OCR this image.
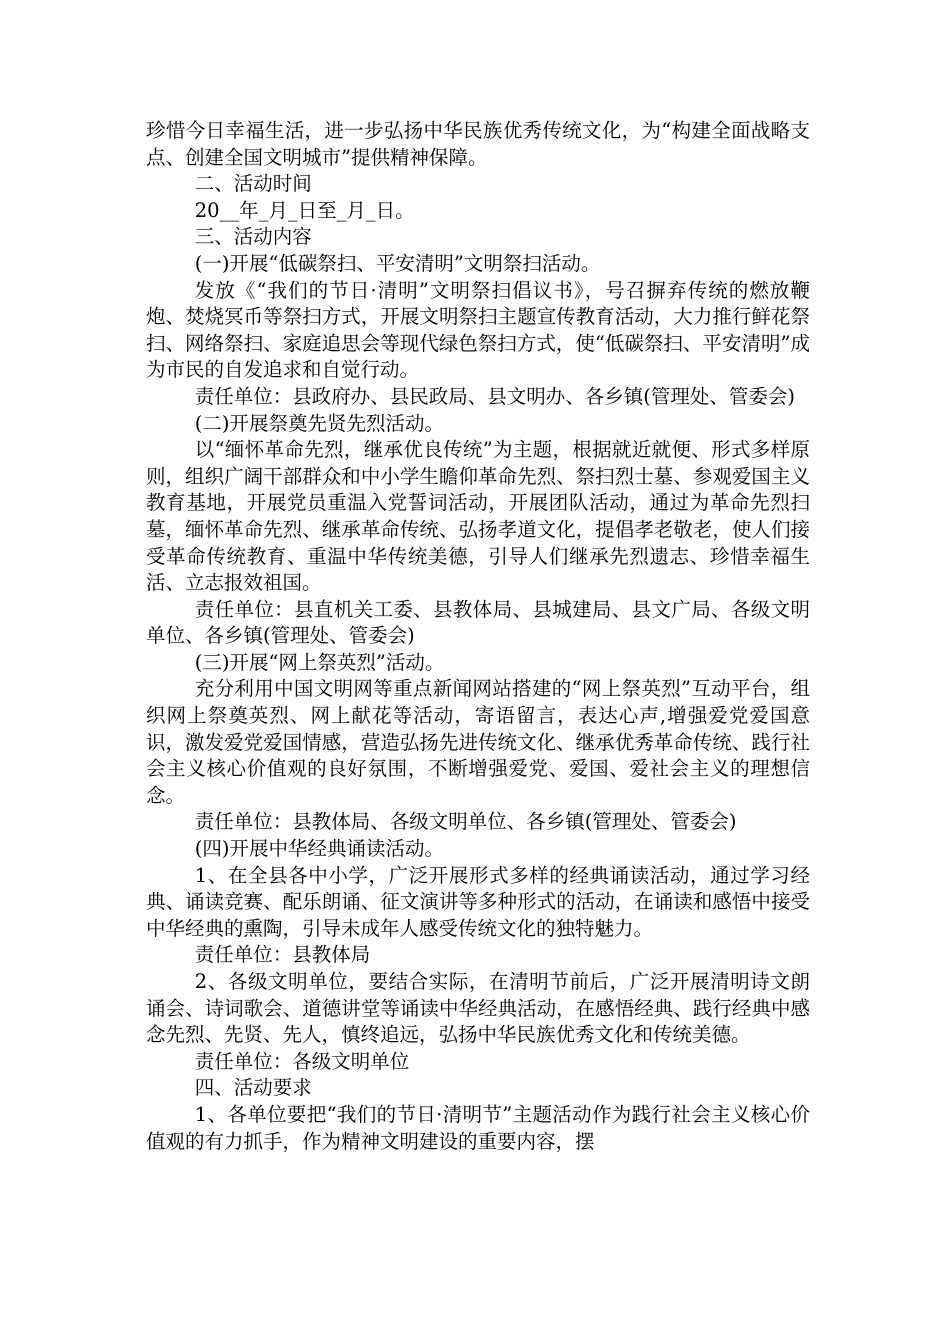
珍惜今日幸福生活，进一步弘扬中华民族优秀传统文化，为“构建全面战略支点、创建全国文明城市”提供精神保障。

二、活动时间

20__年_月_日至_月_日。

三、活动内容

(一)开展“低碳祭扫、平安清明”文明祭扫活动。

发放《“我们的节日·清明”文明祭扫倡议书》，号召摒弃传统的燃放鞭炮、焚烧冥币等祭扫方式，开展文明祭扫主题宣传教育活动，大力推行鲜花祭扫、网络祭扫、家庭追思会等现代绿色祭扫方式，使“低碳祭扫、平安清明”成为市民的自发追求和自觉行动。

责任单位：县政府办、县民政局、县文明办、各乡镇(管理处、管委会)

(二)开展祭奠先贤先烈活动。

以“缅怀革命先烈，继承优良传统”为主题，根据就近就便、形式多样原则，组织广阔干部群众和中小学生瞻仰革命先烈、祭扫烈士墓、参观爱国主义教育基地，开展党员重温入党誓词活动，开展团队活动，通过为革命先烈扫墓，缅怀革命先烈、继承革命传统、弘扬孝道文化，提倡孝老敬老，使人们接受革命传统教育、重温中华传统美德，引导人们继承先烈遗志、珍惜幸福生活、立志报效祖国。

责任单位：县直机关工委、县教体局、县城建局、县文广局、各级文明单位、各乡镇(管理处、管委会)

(三)开展“网上祭英烈”活动。

充分利用中国文明网等重点新闻网站搭建的“网上祭英烈”互动平台，组织网上祭奠英烈、网上献花等活动，寄语留言，表达心声,增强爱党爱国意识，激发爱党爱国情感，营造弘扬先进传统文化、继承优秀革命传统、践行社会主义核心价值观的良好氛围，不断增强爱党、爱国、爱社会主义的理想信念。

责任单位：县教体局、各级文明单位、各乡镇(管理处、管委会)

(四)开展中华经典诵读活动。

1、在全县各中小学，广泛开展形式多样的经典诵读活动，通过学习经典、诵读竞赛、配乐朗诵、征文演讲等多种形式的活动，在诵读和感悟中接受中华经典的熏陶，引导未成年人感受传统文化的独特魅力。

责任单位：县教体局

2、各级文明单位，要结合实际，在清明节前后，广泛开展清明诗文朗诵会、诗词歌会、道德讲堂等诵读中华经典活动，在感悟经典、践行经典中感念先烈、先贤、先人，慎终追远，弘扬中华民族优秀文化和传统美德。

责任单位：各级文明单位

四、活动要求

1、各单位要把“我们的节日·清明节”主题活动作为践行社会主义核心价值观的有力抓手，作为精神文明建设的重要内容，摆
